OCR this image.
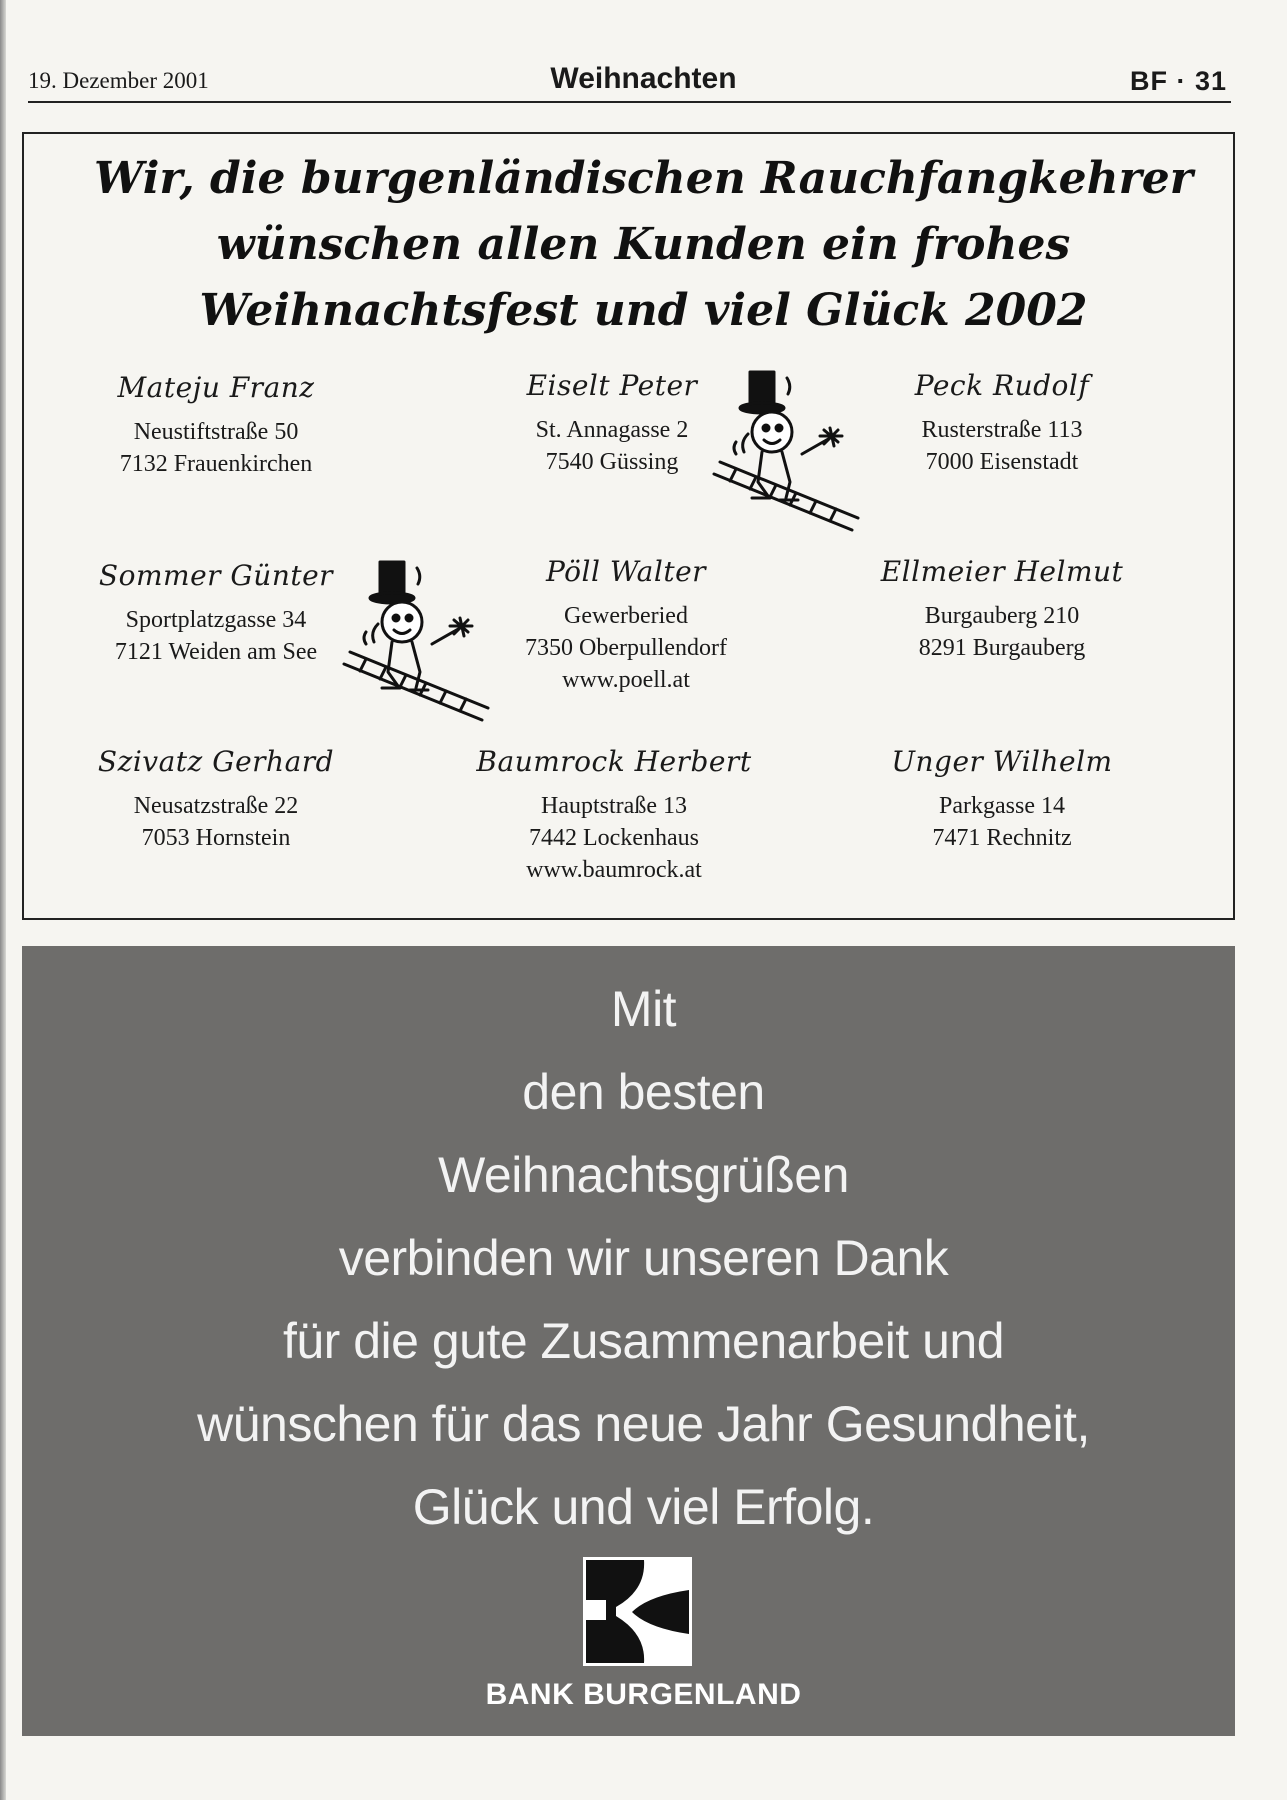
19. Dezember 2001	Weihnachten	BF · 31
Wir, die burgenländischen Rauchfangkehrer
wünschen allen Kunden ein frohes
Weihnachtsfest und viel Glück 2002
Mateju Franz
Neustiftstraße 50
7132 Frauenkirchen
Eiselt Peter
St. Annagasse 2
7540 Güssing
Peck Rudolf
Rusterstraße 113
7000 Eisenstadt
Sommer Günter
Sportplatzgasse 34
7121 Weiden am See
Pöll Walter
Gewerberied
7350 Oberpullendorf
www.poell.at
Ellmeier Helmut
Burgauberg 210
8291 Burgauberg
Szivatz Gerhard
Neusatzstraße 22
7053 Hornstein
Baumrock Herbert
Hauptstraße 13
7442 Lockenhaus
www.baumrock.at
Unger Wilhelm
Parkgasse 14
7471 Rechnitz
Mit
den besten
Weihnachtsgrüßen
verbinden wir unseren Dank
für die gute Zusammenarbeit und
wünschen für das neue Jahr Gesundheit,
Glück und viel Erfolg.
BANK BURGENLAND
